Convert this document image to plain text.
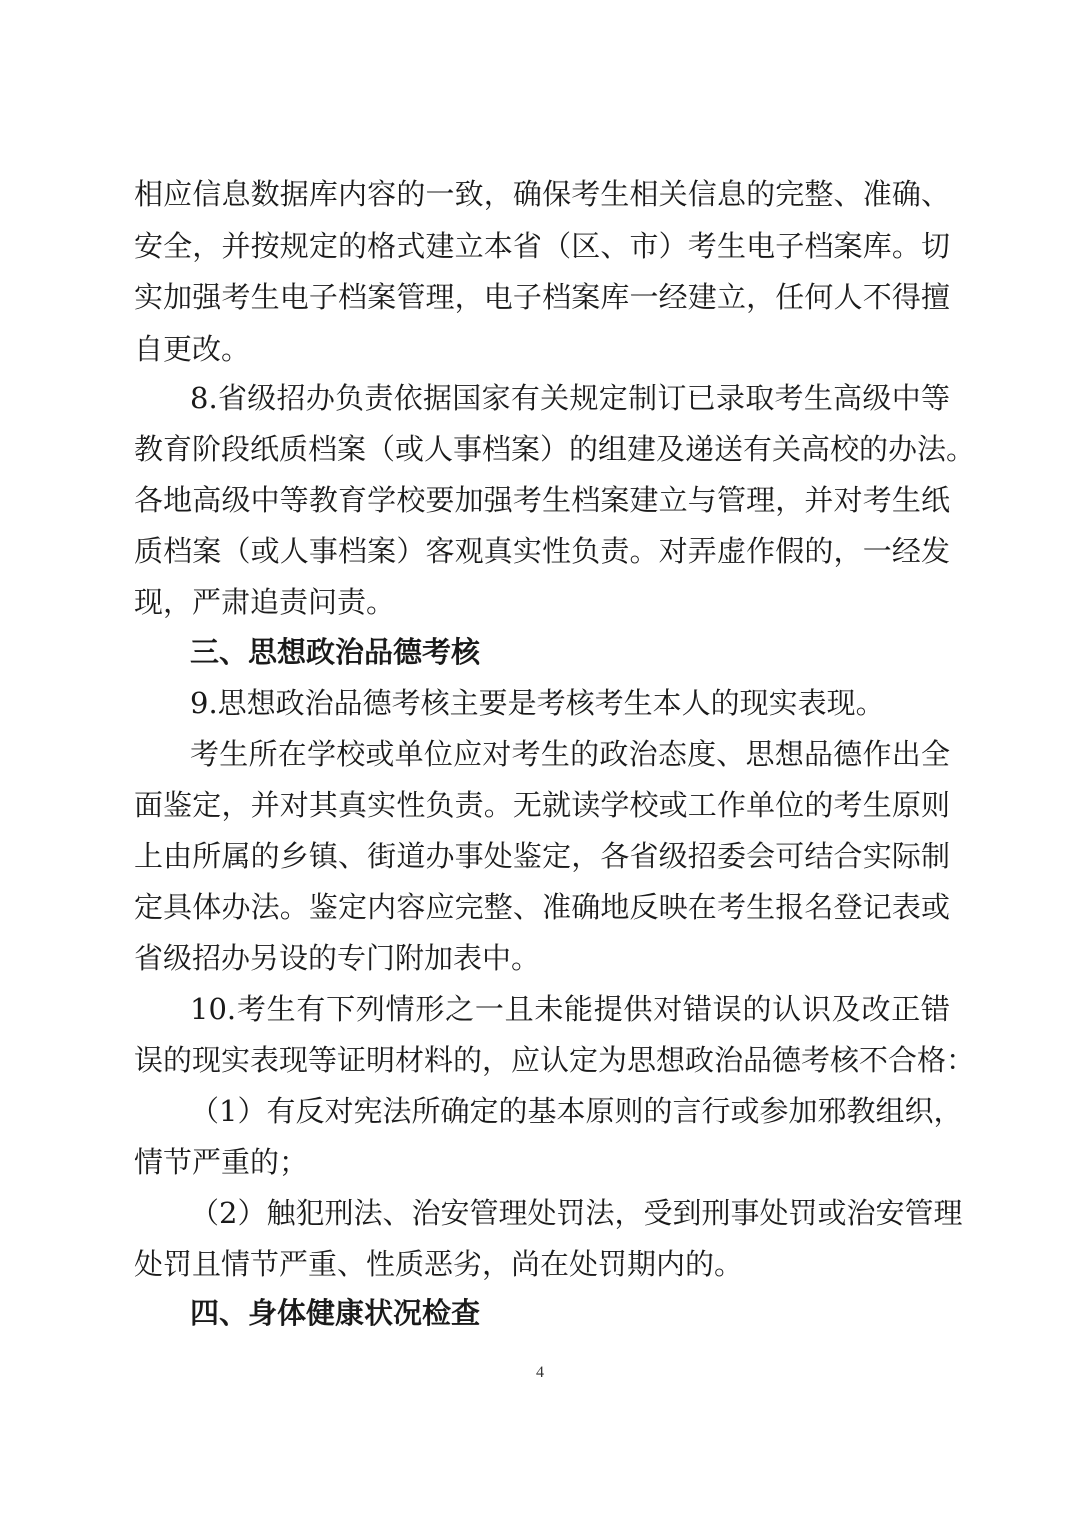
相应信息数据库内容的一致，确保考生相关信息的完整、准确、
安全，并按规定的格式建立本省（区、市）考生电子档案库。切
实加强考生电子档案管理，电子档案库一经建立，任何人不得擅
自更改。
8.省级招办负责依据国家有关规定制订已录取考生高级中等
教育阶段纸质档案（或人事档案）的组建及递送有关高校的办法。
各地高级中等教育学校要加强考生档案建立与管理，并对考生纸
质档案（或人事档案）客观真实性负责。对弄虚作假的，一经发
现，严肃追责问责。
三、思想政治品德考核
9.思想政治品德考核主要是考核考生本人的现实表现。
考生所在学校或单位应对考生的政治态度、思想品德作出全
面鉴定，并对其真实性负责。无就读学校或工作单位的考生原则
上由所属的乡镇、街道办事处鉴定，各省级招委会可结合实际制
定具体办法。鉴定内容应完整、准确地反映在考生报名登记表或
省级招办另设的专门附加表中。
10.考生有下列情形之一且未能提供对错误的认识及改正错
误的现实表现等证明材料的，应认定为思想政治品德考核不合格：
（1）有反对宪法所确定的基本原则的言行或参加邪教组织，
情节严重的；
（2）触犯刑法、治安管理处罚法，受到刑事处罚或治安管理
处罚且情节严重、性质恶劣，尚在处罚期内的。
四、身体健康状况检查
4
